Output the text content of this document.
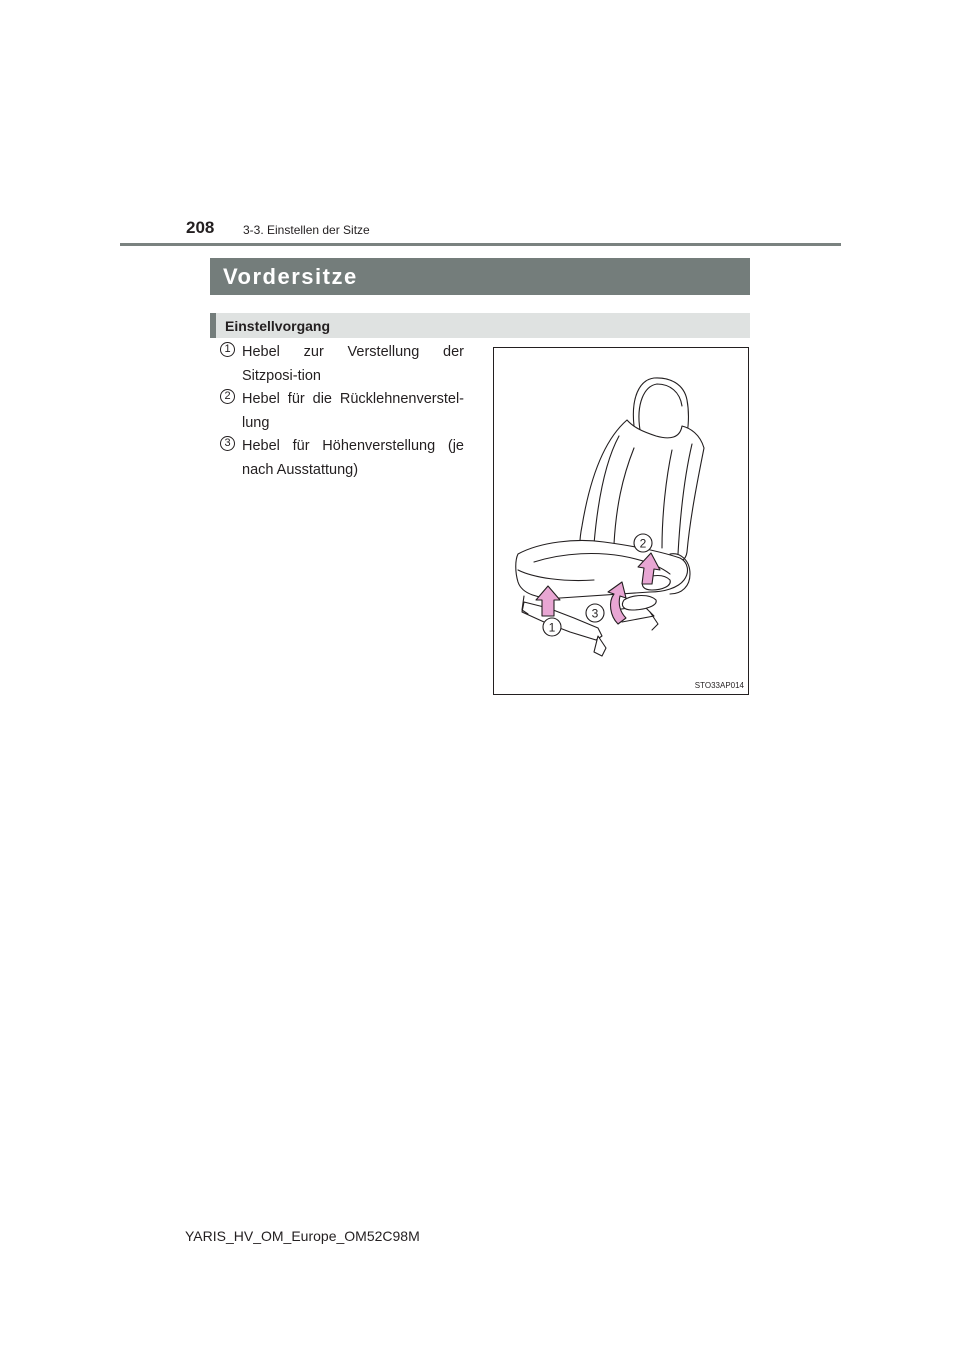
208 3-3. Einstellen der Sitze
Vordersitze
Einstellvorgang
1 Hebel zur Verstellung der Sitzposi-tion
2 Hebel für die Rücklehnenverstel-lung
3 Hebel für Höhenverstellung (je nach Ausstattung)
1
3
2
STO33AP014
YARIS_HV_OM_Europe_OM52C98M
